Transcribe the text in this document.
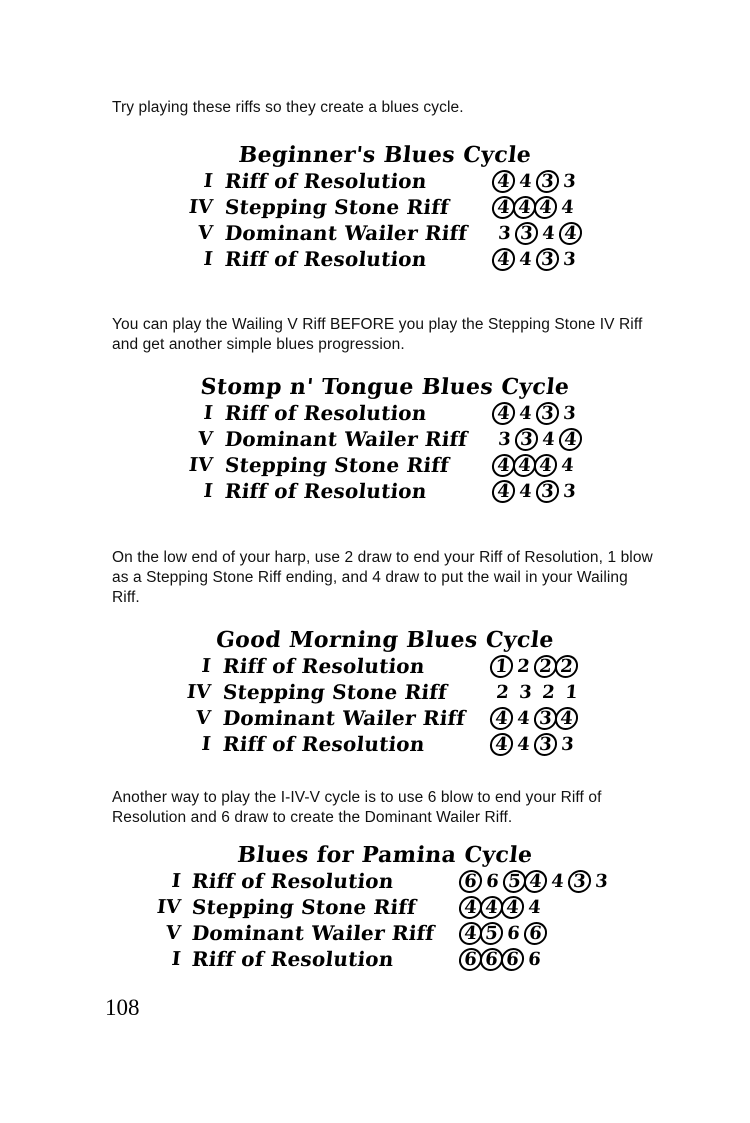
Try playing these riffs so they create a blues cycle.

Beginner's Blues Cycle
I	Riff of Resolution	4 4 3 3
IV	Stepping Stone Riff	4 4 4 4
V	Dominant Wailer Riff	3 3 4 4
I	Riff of Resolution	4 4 3 3

You can play the Wailing V Riff BEFORE you play the Stepping Stone IV Riff and get another simple blues progression.

Stomp n' Tongue Blues Cycle
I	Riff of Resolution	4 4 3 3
V	Dominant Wailer Riff	3 3 4 4
IV	Stepping Stone Riff	4 4 4 4
I	Riff of Resolution	4 4 3 3

On the low end of your harp, use 2 draw to end your Riff of Resolution, 1 blow as a Stepping Stone Riff ending, and 4 draw to put the wail in your Wailing Riff.

Good Morning Blues Cycle
I	Riff of Resolution	1 2 2 2
IV	Stepping Stone Riff	2 3 2 1
V	Dominant Wailer Riff	4 4 3 4
I	Riff of Resolution	4 4 3 3

Another way to play the I-IV-V cycle is to use 6 blow to end your Riff of Resolution and 6 draw to create the Dominant Wailer Riff.

Blues for Pamina Cycle
I	Riff of Resolution	6 6 5 4 4 3 3
IV	Stepping Stone Riff	4 4 4 4
V	Dominant Wailer Riff	4 5 6 6
I	Riff of Resolution	6 6 6 6
108
